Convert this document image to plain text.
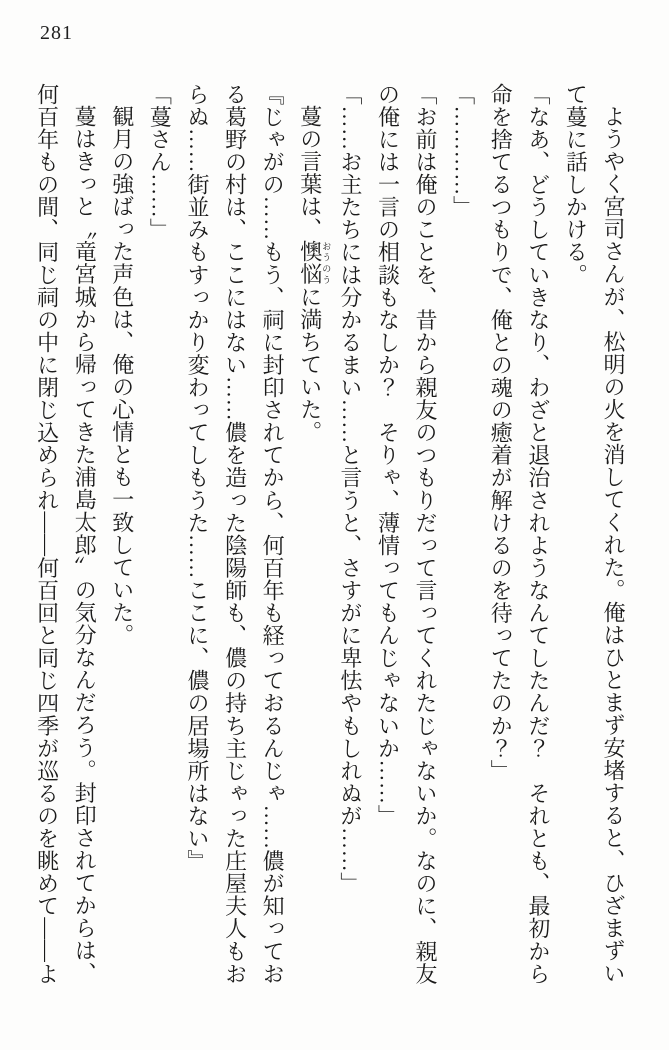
281

ようやく宮司さんが、松明の火を消してくれた。俺はひとまず安堵すると、ひざまずい

て蔓に話しかける。

「なあ、どうしていきなり、わざと退治されようなんてしたんだ？　それとも、最初から

命を捨てるつもりで、俺との魂の癒着が解けるのを待ってたのか？」

「…………」

「お前は俺のことを、昔から親友のつもりだって言ってくれたじゃないか。なのに、親友

の俺には一言の相談もなしか？　そりゃ、薄情ってもんじゃないか……」

「……お主たちには分かるまい……と言うと、さすがに卑怯やもしれぬが……」

蔓の言葉は、懊悩おうのうに満ちていた。

『じゃがの……もう、祠に封印されてから、何百年も経っておるんじゃ……儂が知ってお

る葛野の村は、ここにはない……儂を造った陰陽師も、儂の持ち主じゃった庄屋夫人もお

らぬ……街並みもすっかり変わってしもうた……ここに、儂の居場所はない』

「蔓さん……」

観月の強ばった声色は、俺の心情とも一致していた。

蔓はきっと〝竜宮城から帰ってきた浦島太郎〟の気分なんだろう。封印されてからは、

何百年もの間、同じ祠の中に閉じ込められ――何百回と同じ四季が巡るのを眺めて――よ
